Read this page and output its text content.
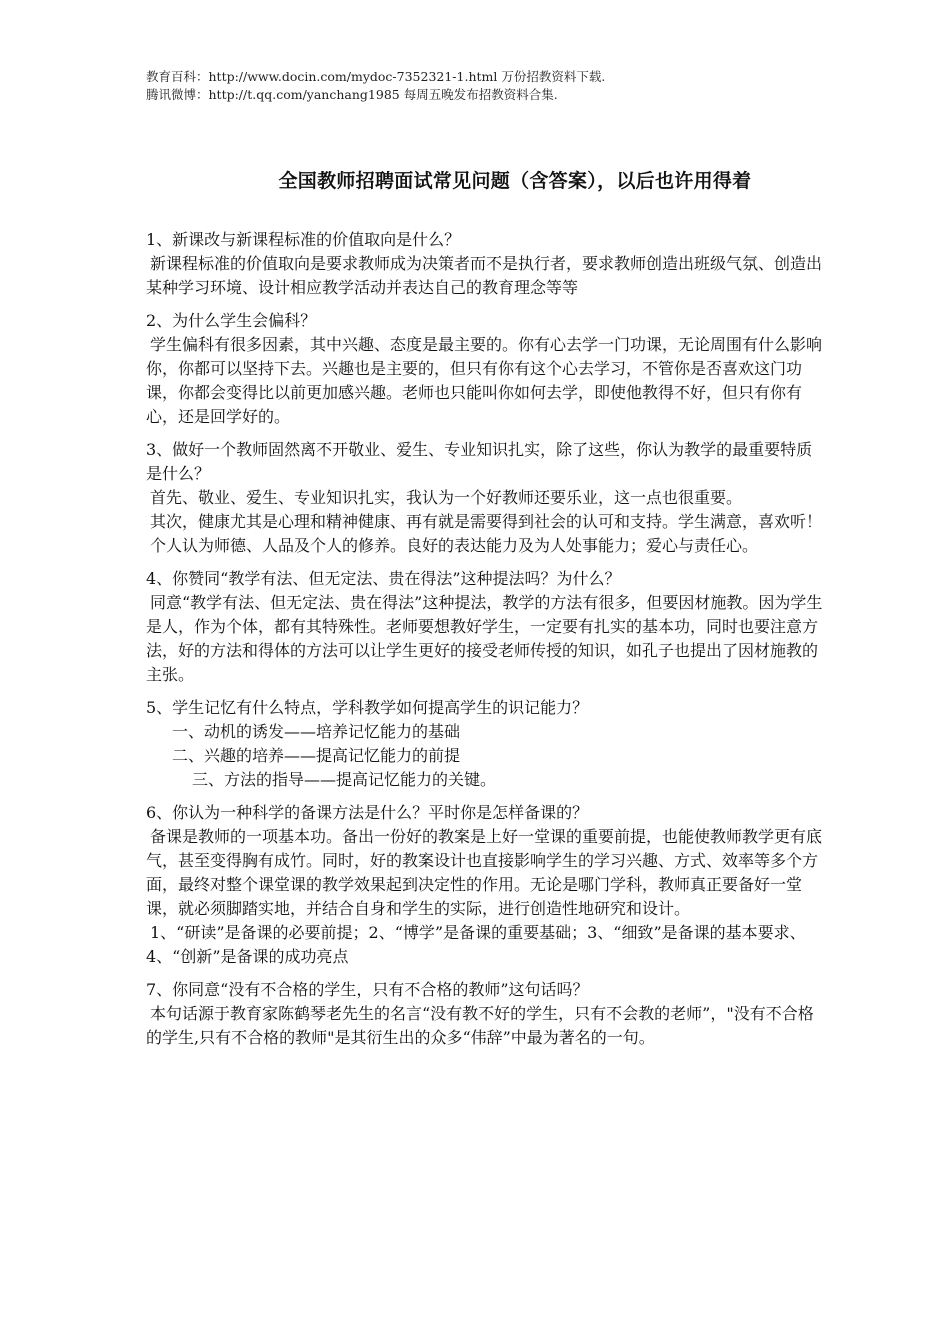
教育百科：http://www.docin.com/mydoc-7352321-1.html 万份招教资料下载.
腾讯微博：http://t.qq.com/yanchang1985 每周五晚发布招教资料合集.
全国教师招聘面试常见问题（含答案），以后也许用得着

1、新课改与新课程标准的价值取向是什么？

新课程标准的价值取向是要求教师成为决策者而不是执行者，要求教师创造出班级气氛、创造出某种学习环境、设计相应教学活动并表达自己的教育理念等等

2、为什么学生会偏科？

学生偏科有很多因素，其中兴趣、态度是最主要的。你有心去学一门功课，无论周围有什么影响你，你都可以坚持下去。兴趣也是主要的，但只有你有这个心去学习，不管你是否喜欢这门功课，你都会变得比以前更加感兴趣。老师也只能叫你如何去学，即使他教得不好，但只有你有心，还是回学好的。

3、做好一个教师固然离不开敬业、爱生、专业知识扎实，除了这些，你认为教学的最重要特质是什么？

首先、敬业、爱生、专业知识扎实，我认为一个好教师还要乐业，这一点也很重要。

其次，健康尤其是心理和精神健康、再有就是需要得到社会的认可和支持。学生满意，喜欢听！

个人认为师德、人品及个人的修养。良好的表达能力及为人处事能力；爱心与责任心。

4、你赞同“教学有法、但无定法、贵在得法”这种提法吗？为什么？

同意“教学有法、但无定法、贵在得法”这种提法，教学的方法有很多，但要因材施教。因为学生是人，作为个体，都有其特殊性。老师要想教好学生，一定要有扎实的基本功，同时也要注意方法，好的方法和得体的方法可以让学生更好的接受老师传授的知识，如孔子也提出了因材施教的主张。

5、学生记忆有什么特点，学科教学如何提高学生的识记能力？

一、动机的诱发——培养记忆能力的基础

二、兴趣的培养——提高记忆能力的前提

三、方法的指导——提高记忆能力的关键。

6、你认为一种科学的备课方法是什么？平时你是怎样备课的？

备课是教师的一项基本功。备出一份好的教案是上好一堂课的重要前提，也能使教师教学更有底气，甚至变得胸有成竹。同时，好的教案设计也直接影响学生的学习兴趣、方式、效率等多个方面，最终对整个课堂课的教学效果起到决定性的作用。无论是哪门学科，教师真正要备好一堂课，就必须脚踏实地，并结合自身和学生的实际，进行创造性地研究和设计。

1、“研读”是备课的必要前提；2、“博学”是备课的重要基础；3、“细致”是备课的基本要求、4、“创新”是备课的成功亮点

7、你同意“没有不合格的学生，只有不合格的教师”这句话吗？

本句话源于教育家陈鹤琴老先生的名言“没有教不好的学生，只有不会教的老师”，"没有不合格的学生,只有不合格的教师"是其衍生出的众多“伟辞”中最为著名的一句。
